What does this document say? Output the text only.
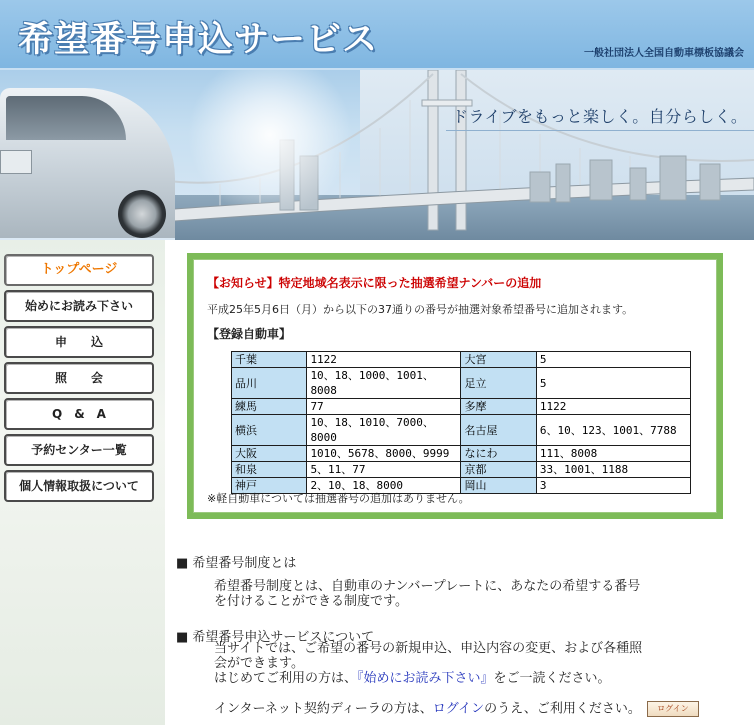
希望番号申込サービス	一般社団法人全国自動車標板協議会
ドライブをもっと楽しく。自分らしく。
トップページ
始めにお読み下さい
申　　込
照　　会
Q　&　A
予約センター一覧
個人情報取扱について
【お知らせ】特定地域名表示に限った抽選希望ナンバーの追加
平成25年5月6日（月）から以下の37通りの番号が抽選対象希望番号に追加されます。
【登録自動車】
千葉	1122	大宮	5
品川	10、18、1000、1001、8008	足立	5
練馬	77	多摩	1122
横浜	10、18、1010、7000、8000	名古屋	6、10、123、1001、7788
大阪	1010、5678、8000、9999	なにわ	111、8008
和泉	5、11、77	京都	33、1001、1188
神戸	2、10、18、8000	岡山	3
※軽自動車については抽選番号の追加はありません。
■ 希望番号制度とは
希望番号制度とは、自動車のナンバープレートに、あなたの希望する番号
を付けることができる制度です。
■ 希望番号申込サービスについて
当サイトでは、ご希望の番号の新規申込、申込内容の変更、および各種照
会ができます。
はじめてご利用の方は、『始めにお読み下さい』をご一読ください。
インターネット契約ディーラの方は、ログインのうえ、ご利用ください。 ログイン
